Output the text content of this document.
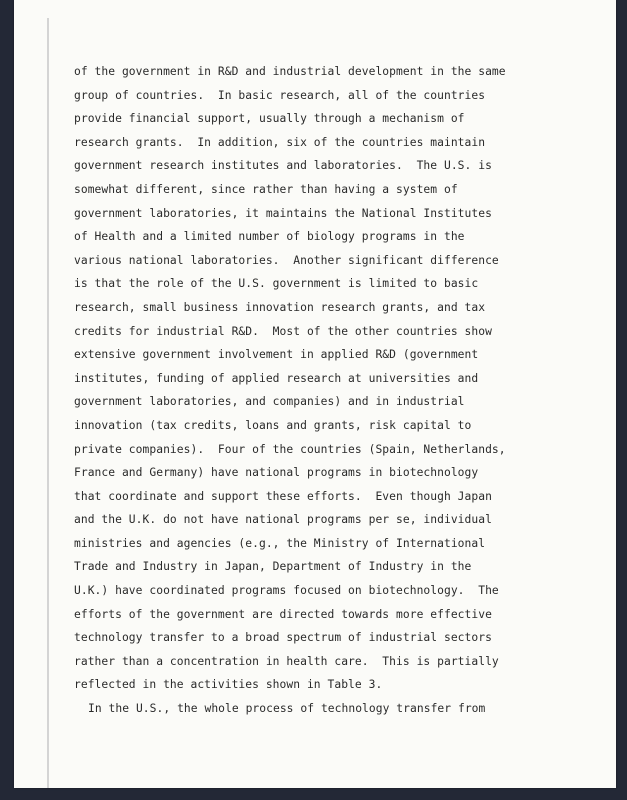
of the government in R&D and industrial development in the same
group of countries.  In basic research, all of the countries
provide financial support, usually through a mechanism of
research grants.  In addition, six of the countries maintain
government research institutes and laboratories.  The U.S. is
somewhat different, since rather than having a system of
government laboratories, it maintains the National Institutes
of Health and a limited number of biology programs in the
various national laboratories.  Another significant difference
is that the role of the U.S. government is limited to basic
research, small business innovation research grants, and tax
credits for industrial R&D.  Most of the other countries show
extensive government involvement in applied R&D (government
institutes, funding of applied research at universities and
government laboratories, and companies) and in industrial
innovation (tax credits, loans and grants, risk capital to
private companies).  Four of the countries (Spain, Netherlands,
France and Germany) have national programs in biotechnology
that coordinate and support these efforts.  Even though Japan
and the U.K. do not have national programs per se, individual
ministries and agencies (e.g., the Ministry of International
Trade and Industry in Japan, Department of Industry in the
U.K.) have coordinated programs focused on biotechnology.  The
efforts of the government are directed towards more effective
technology transfer to a broad spectrum of industrial sectors
rather than a concentration in health care.  This is partially
reflected in the activities shown in Table 3.
In the U.S., the whole process of technology transfer from
